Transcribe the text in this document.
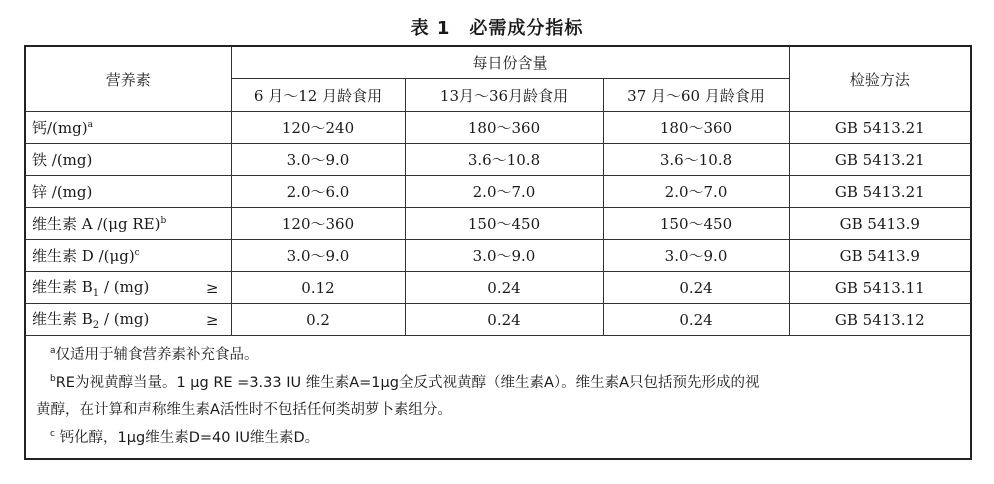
表 1　必需成分指标
营养素	每日份含量			检验方法
	6 月～12 月龄食用	13月～36月龄食用	37 月～60 月龄食用	
钙/(mg)$^a$	120～240	180～360	180～360	GB 5413.21
铁 /(mg)	3.0～9.0	3.6～10.8	3.6～10.8	GB 5413.21
锌 /(mg)	2.0～6.0	2.0～7.0	2.0～7.0	GB 5413.21
维生素 A /(μg RE)$^b$	120～360	150～450	150～450	GB 5413.9
维生素 D $/(\mu g)^c$	3.0～9.0	3.0～9.0	3.0～9.0	GB 5413.9
维生素 $B_1 / (mg)$ ≥	0.12	0.24	0.24	GB 5413.11
维生素 $B_2 / (mg)$ ≥	0.2	0.24	0.24	GB 5413.12

$^a$仅适用于辅食营养素补充食品。
$^b$RE为视黄醇当量。1 μg RE =3.33 IU 维生素A=1μg全反式视黄醇（维生素A）。维生素A只包括预先形成的视
黄醇，在计算和声称维生素A活性时不包括任何类胡萝卜素组分。
$^c$ 钙化醇，1μg维生素D=40 IU维生素D。				
